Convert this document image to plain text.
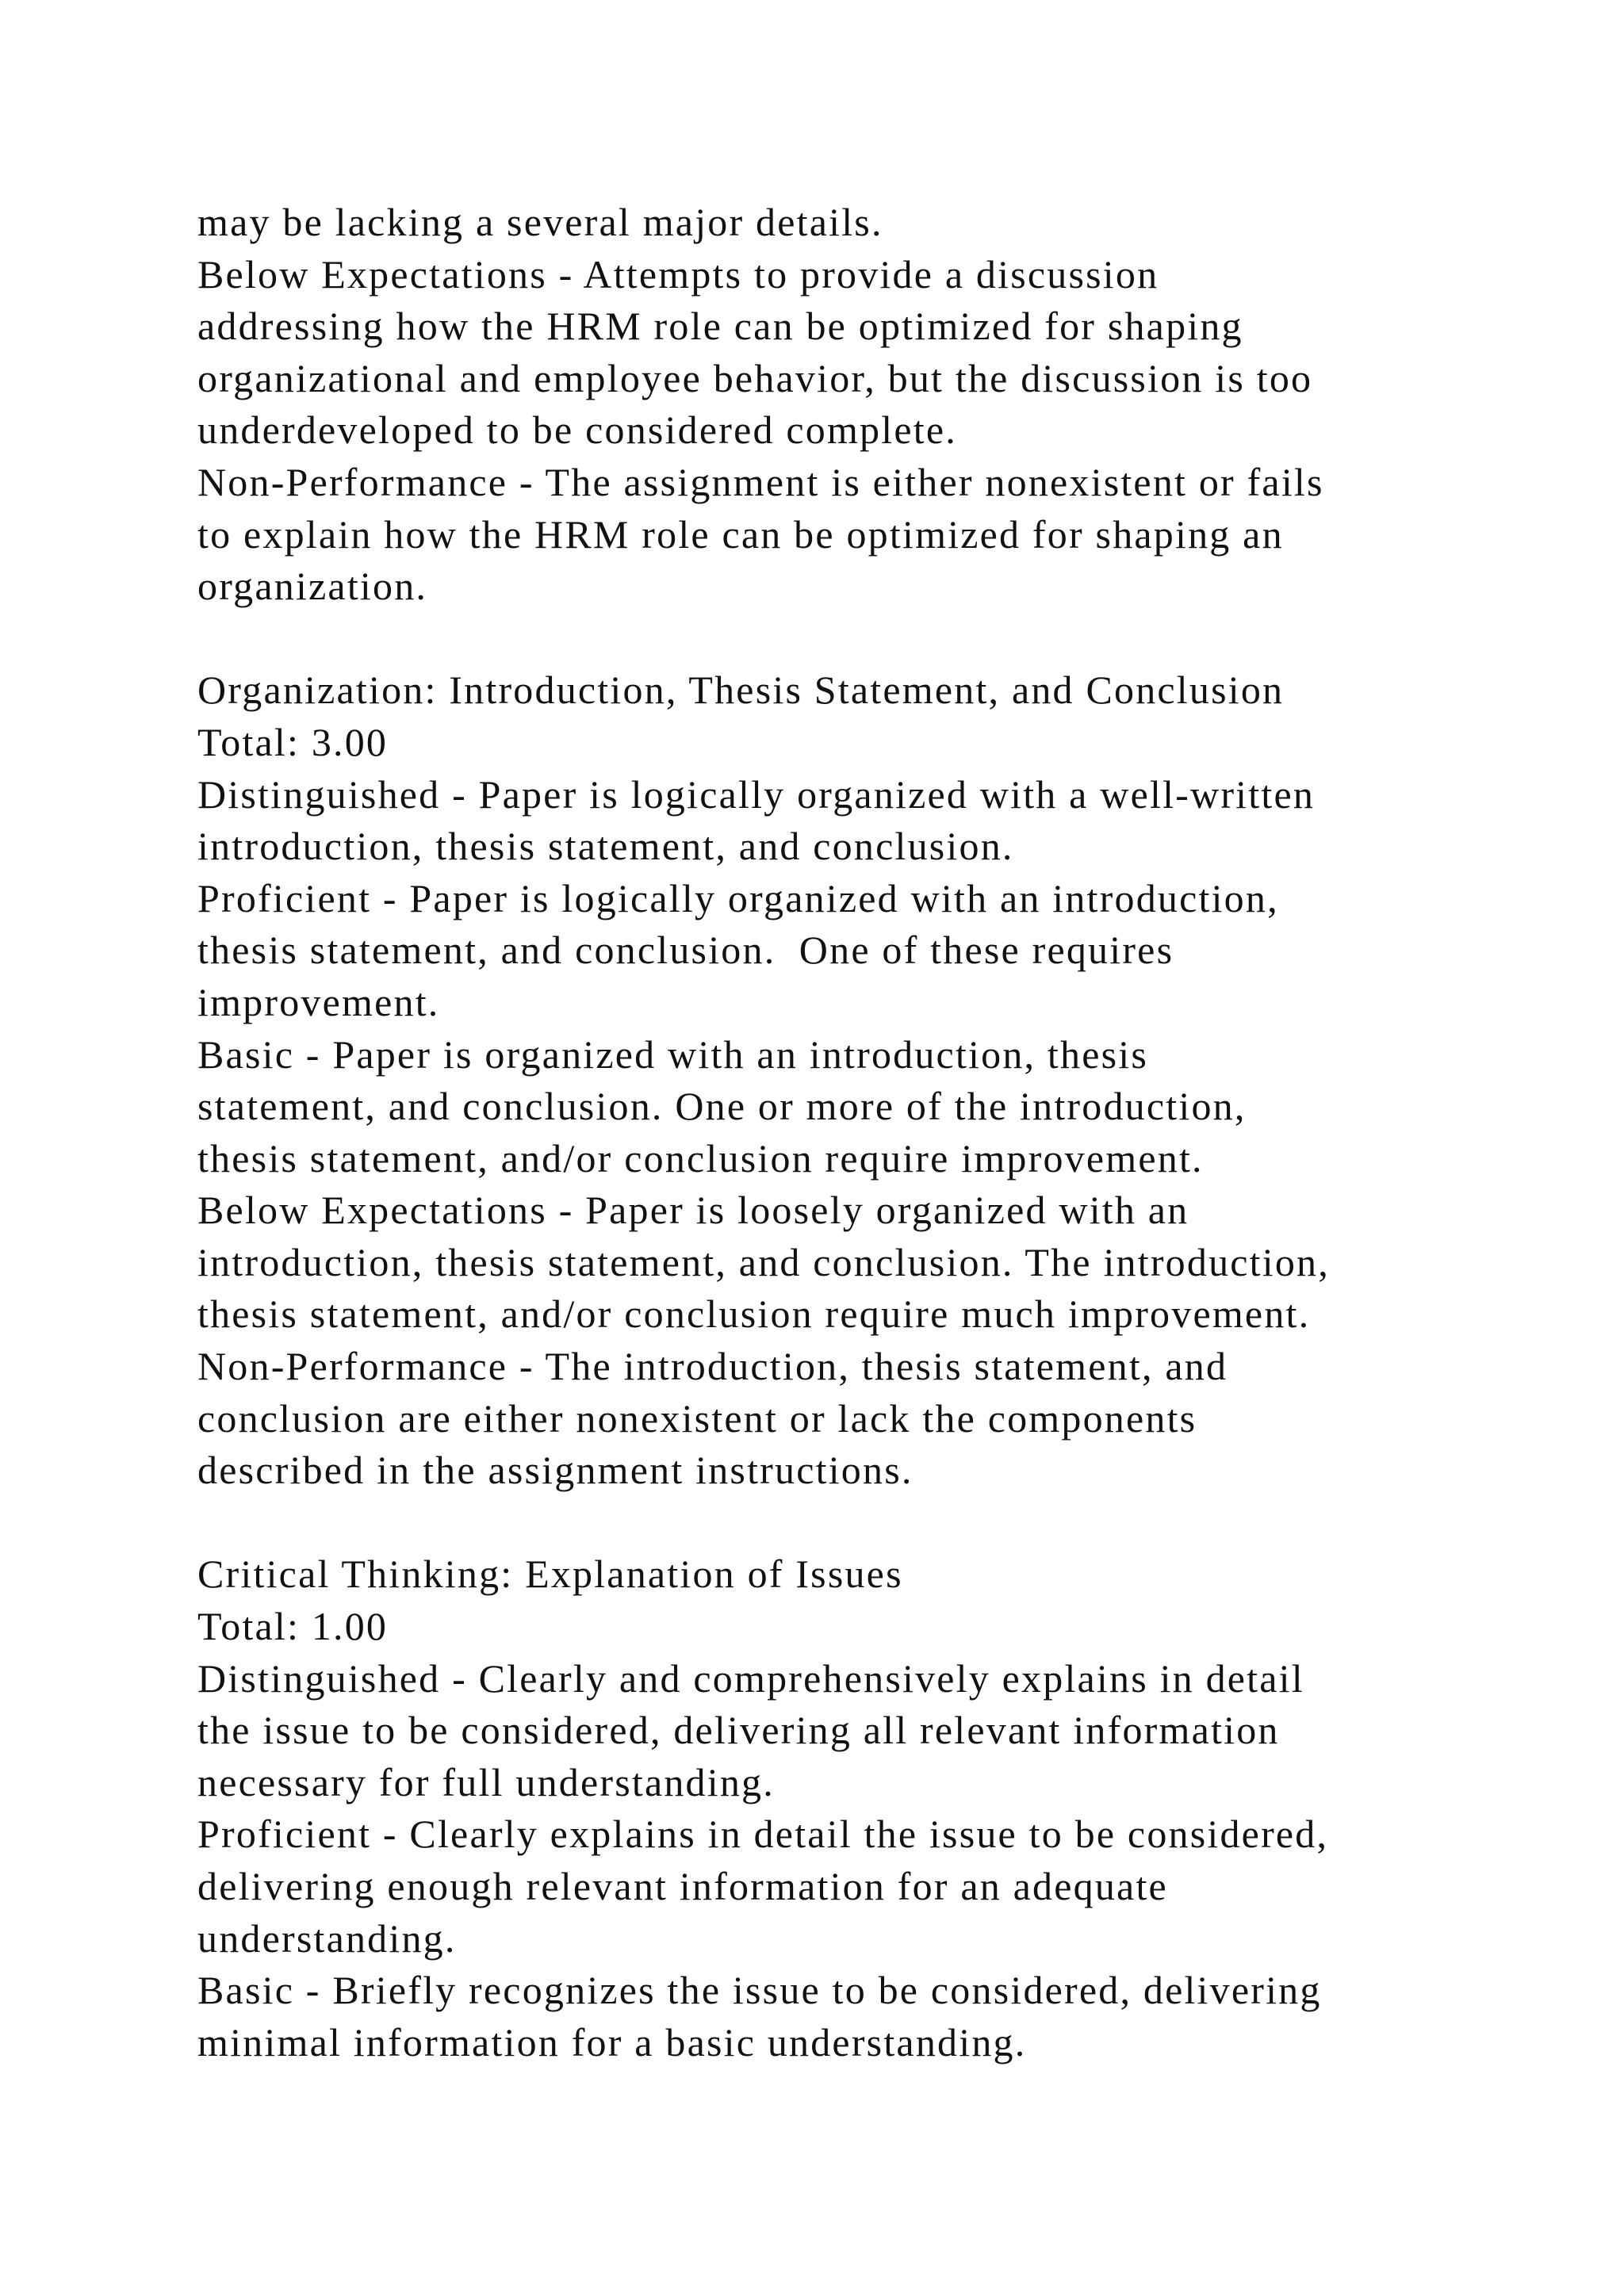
may be lacking a several major details.
Below Expectations - Attempts to provide a discussion
addressing how the HRM role can be optimized for shaping
organizational and employee behavior, but the discussion is too
underdeveloped to be considered complete.
Non-Performance - The assignment is either nonexistent or fails
to explain how the HRM role can be optimized for shaping an
organization.
Organization: Introduction, Thesis Statement, and Conclusion
Total: 3.00
Distinguished - Paper is logically organized with a well-written
introduction, thesis statement, and conclusion.
Proficient - Paper is logically organized with an introduction,
thesis statement, and conclusion.  One of these requires
improvement.
Basic - Paper is organized with an introduction, thesis
statement, and conclusion. One or more of the introduction,
thesis statement, and/or conclusion require improvement.
Below Expectations - Paper is loosely organized with an
introduction, thesis statement, and conclusion. The introduction,
thesis statement, and/or conclusion require much improvement.
Non-Performance - The introduction, thesis statement, and
conclusion are either nonexistent or lack the components
described in the assignment instructions.
Critical Thinking: Explanation of Issues
Total: 1.00
Distinguished - Clearly and comprehensively explains in detail
the issue to be considered, delivering all relevant information
necessary for full understanding.
Proficient - Clearly explains in detail the issue to be considered,
delivering enough relevant information for an adequate
understanding.
Basic - Briefly recognizes the issue to be considered, delivering
minimal information for a basic understanding.
